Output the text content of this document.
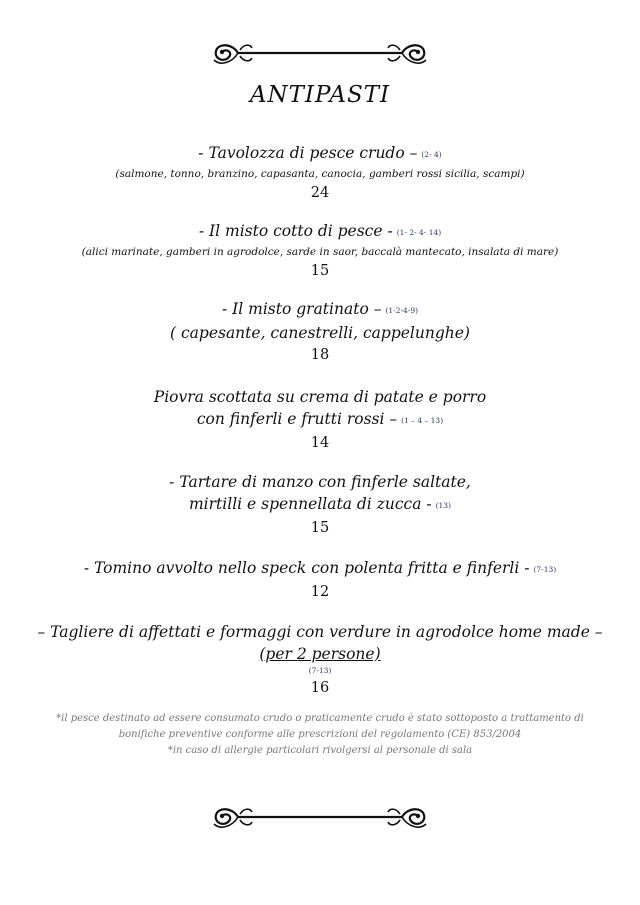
ANTIPASTI
- Tavolozza di pesce crudo – (2- 4)
(salmone, tonno, branzino, capasanta, canocia, gamberi rossi sicilia, scampi)
24
- Il misto cotto di pesce - (1- 2- 4- 14)
(alici marinate, gamberi in agrodolce, sarde in saor, baccalà mantecato, insalata di mare)
15
- Il misto gratinato – (1-2-4-9)
( capesante, canestrelli, cappelunghe)
18
Piovra scottata su crema di patate e porro
con finferli e frutti rossi – (1 – 4 – 13)
14
- Tartare di manzo con finferle saltate,
mirtilli e spennellata di zucca - (13)
15
- Tomino avvolto nello speck con polenta fritta e finferli - (7-13)
12
– Tagliere di affettati e formaggi con verdure in agrodolce home made –
(per 2 persone)
(7-13)
16
*il pesce destinato ad essere consumato crudo o praticamente crudo è stato sottoposto a trattamento di
bonifiche preventive conforme alle prescrizioni del regolamento (CE) 853/2004
*in caso di allergie particolari rivolgersi al personale di sala
